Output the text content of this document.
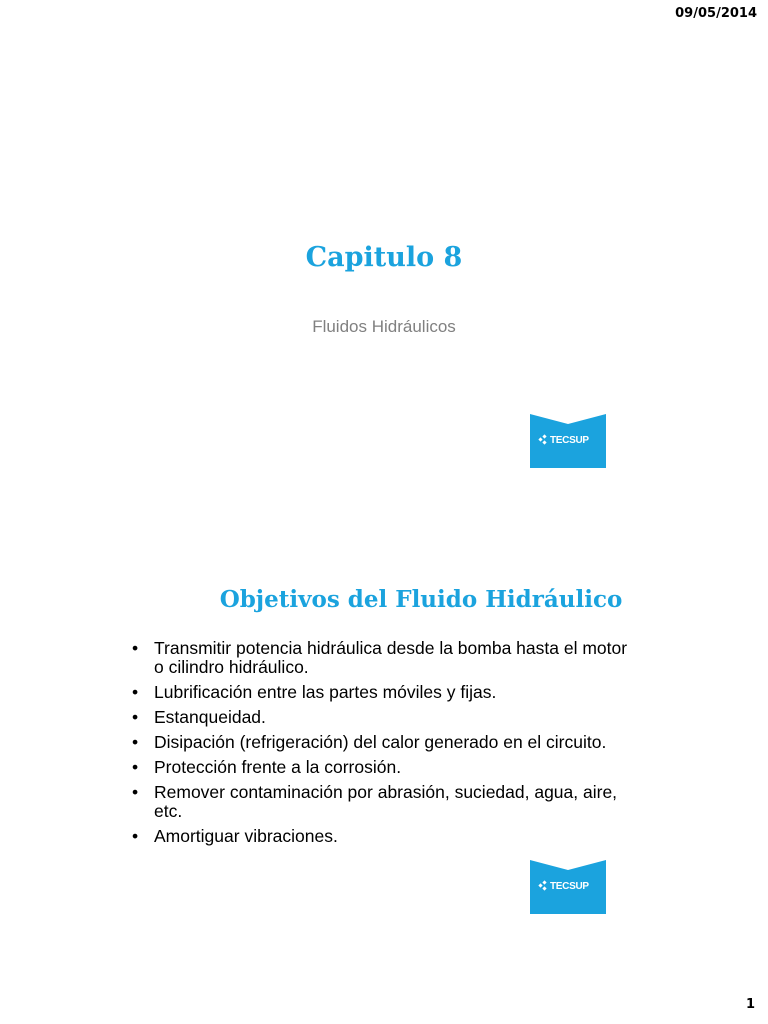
09/05/2014
Capitulo 8
Fluidos Hidráulicos
TECSUP
Objetivos del Fluido Hidráulico
• Transmitir potencia hidráulica desde la bomba hasta el motor o cilindro hidráulico.
• Lubrificación entre las partes móviles y fijas.
• Estanqueidad.
• Disipación (refrigeración) del calor generado en el circuito.
• Protección frente a la corrosión.
• Remover contaminación por abrasión, suciedad, agua, aire, etc.
• Amortiguar vibraciones.
TECSUP
1
